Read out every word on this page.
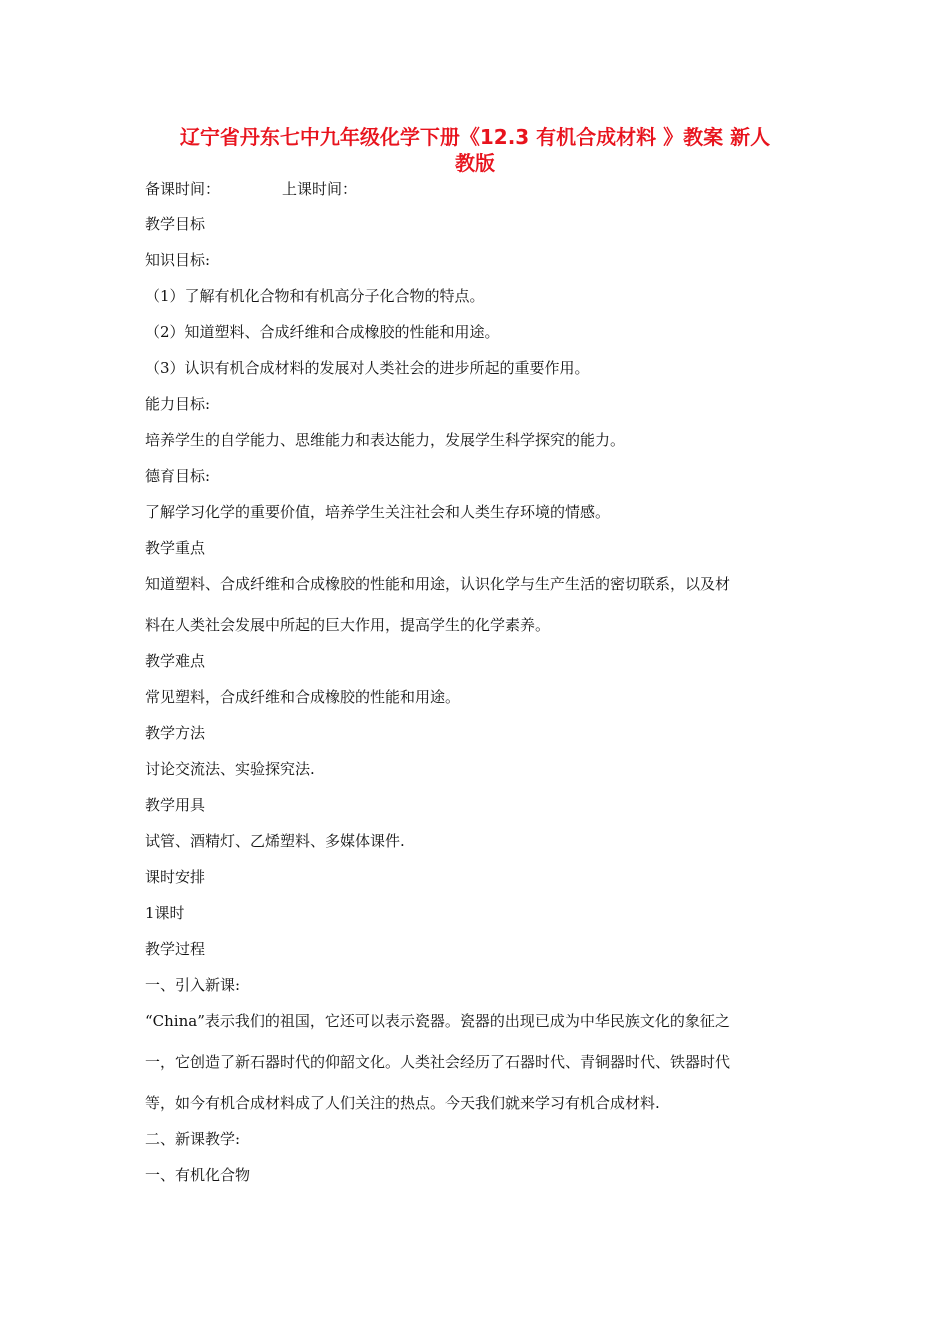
辽宁省丹东七中九年级化学下册《12.3 有机合成材料 》教案 新人
教版

备课时间：	上课时间：

教学目标

知识目标:

（1）了解有机化合物和有机高分子化合物的特点。

（2）知道塑料、合成纤维和合成橡胶的性能和用途。

（3）认识有机合成材料的发展对人类社会的进步所起的重要作用。

能力目标:

培养学生的自学能力、思维能力和表达能力，发展学生科学探究的能力。

德育目标:

了解学习化学的重要价值，培养学生关注社会和人类生存环境的情感。

教学重点

知道塑料、合成纤维和合成橡胶的性能和用途，认识化学与生产生活的密切联系，以及材

料在人类社会发展中所起的巨大作用，提高学生的化学素养。

教学难点

常见塑料，合成纤维和合成橡胶的性能和用途。

教学方法

讨论交流法、实验探究法.

教学用具

试管、酒精灯、乙烯塑料、多媒体课件.

课时安排

1课时

教学过程

一、引入新课:

“China”表示我们的祖国，它还可以表示瓷器。瓷器的出现已成为中华民族文化的象征之

一，它创造了新石器时代的仰韶文化。人类社会经历了石器时代、青铜器时代、铁器时代

等，如今有机合成材料成了人们关注的热点。今天我们就来学习有机合成材料.

二、新课教学:

一、有机化合物
